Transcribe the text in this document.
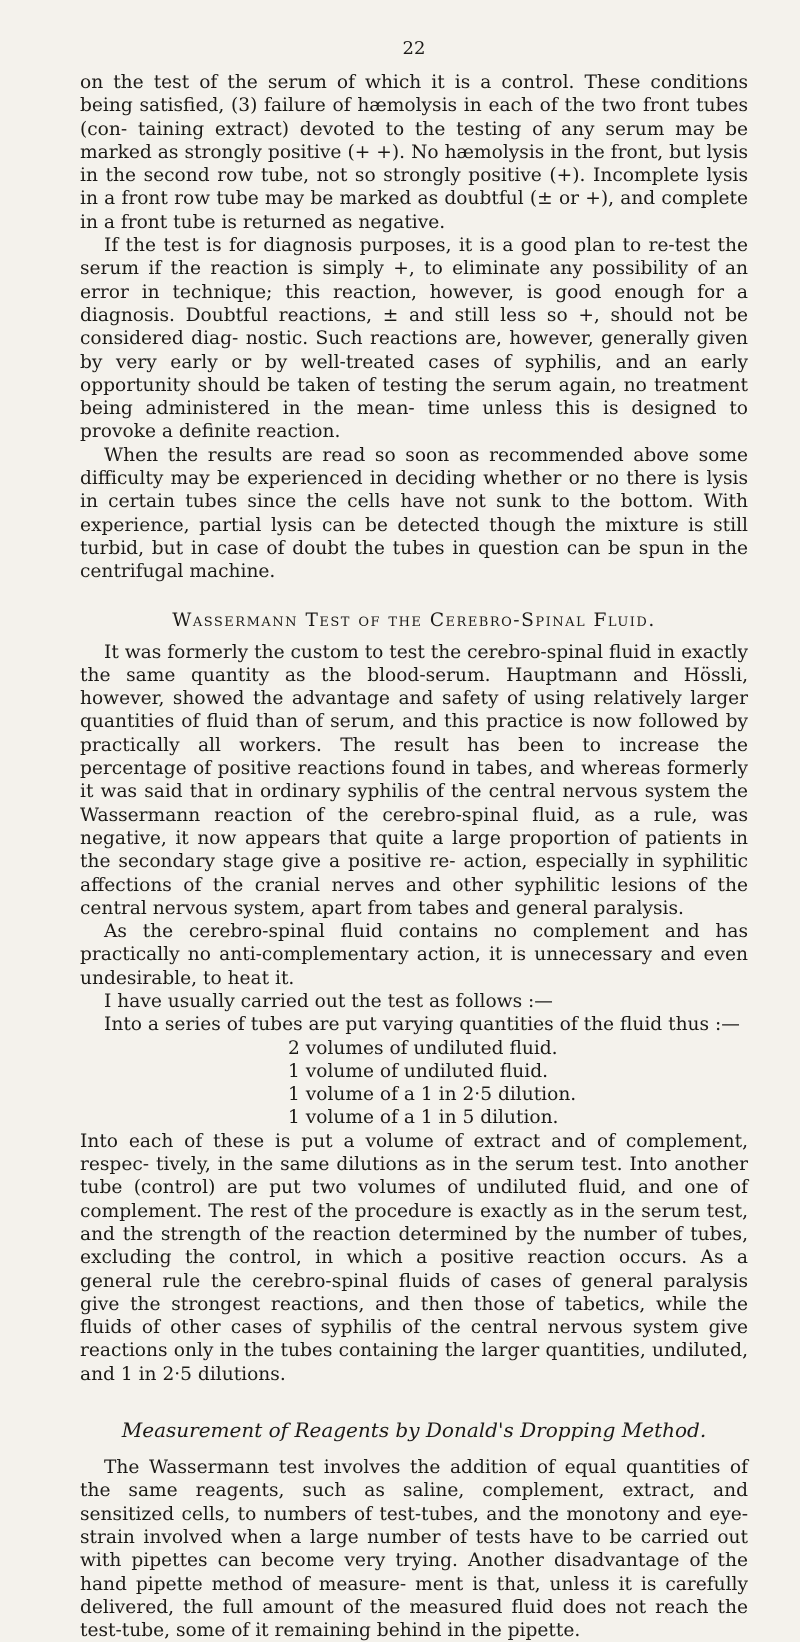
22

on the test of the serum of which it is a control. These conditions being satisfied, (3) failure of hæmolysis in each of the two front tubes (con- taining extract) devoted to the testing of any serum may be marked as strongly positive (+ +). No hæmolysis in the front, but lysis in the second row tube, not so strongly positive (+). Incomplete lysis in a front row tube may be marked as doubtful (± or +), and complete in a front tube is returned as negative.

If the test is for diagnosis purposes, it is a good plan to re-test the serum if the reaction is simply +, to eliminate any possibility of an error in technique; this reaction, however, is good enough for a diagnosis. Doubtful reactions, ± and still less so +, should not be considered diag- nostic. Such reactions are, however, generally given by very early or by well-treated cases of syphilis, and an early opportunity should be taken of testing the serum again, no treatment being administered in the mean- time unless this is designed to provoke a definite reaction.

When the results are read so soon as recommended above some difficulty may be experienced in deciding whether or no there is lysis in certain tubes since the cells have not sunk to the bottom. With experience, partial lysis can be detected though the mixture is still turbid, but in case of doubt the tubes in question can be spun in the centrifugal machine.

Wassermann Test of the Cerebro-Spinal Fluid.

It was formerly the custom to test the cerebro-spinal fluid in exactly the same quantity as the blood-serum. Hauptmann and Hössli, however, showed the advantage and safety of using relatively larger quantities of fluid than of serum, and this practice is now followed by practically all workers. The result has been to increase the percentage of positive reactions found in tabes, and whereas formerly it was said that in ordinary syphilis of the central nervous system the Wassermann reaction of the cerebro-spinal fluid, as a rule, was negative, it now appears that quite a large proportion of patients in the secondary stage give a positive re- action, especially in syphilitic affections of the cranial nerves and other syphilitic lesions of the central nervous system, apart from tabes and general paralysis.

As the cerebro-spinal fluid contains no complement and has practically no anti-complementary action, it is unnecessary and even undesirable, to heat it.

I have usually carried out the test as follows :—

Into a series of tubes are put varying quantities of the fluid thus :—

2 volumes of undiluted fluid.
1 volume of undiluted fluid.
1 volume of a 1 in 2·5 dilution.
1 volume of a 1 in 5 dilution.

Into each of these is put a volume of extract and of complement, respec- tively, in the same dilutions as in the serum test. Into another tube (control) are put two volumes of undiluted fluid, and one of complement. The rest of the procedure is exactly as in the serum test, and the strength of the reaction determined by the number of tubes, excluding the control, in which a positive reaction occurs. As a general rule the cerebro-spinal fluids of cases of general paralysis give the strongest reactions, and then those of tabetics, while the fluids of other cases of syphilis of the central nervous system give reactions only in the tubes containing the larger quantities, undiluted, and 1 in 2·5 dilutions.

Measurement of Reagents by Donald's Dropping Method.

The Wassermann test involves the addition of equal quantities of the same reagents, such as saline, complement, extract, and sensitized cells, to numbers of test-tubes, and the monotony and eye-strain involved when a large number of tests have to be carried out with pipettes can become very trying. Another disadvantage of the hand pipette method of measure- ment is that, unless it is carefully delivered, the full amount of the measured fluid does not reach the test-tube, some of it remaining behind in the pipette.
